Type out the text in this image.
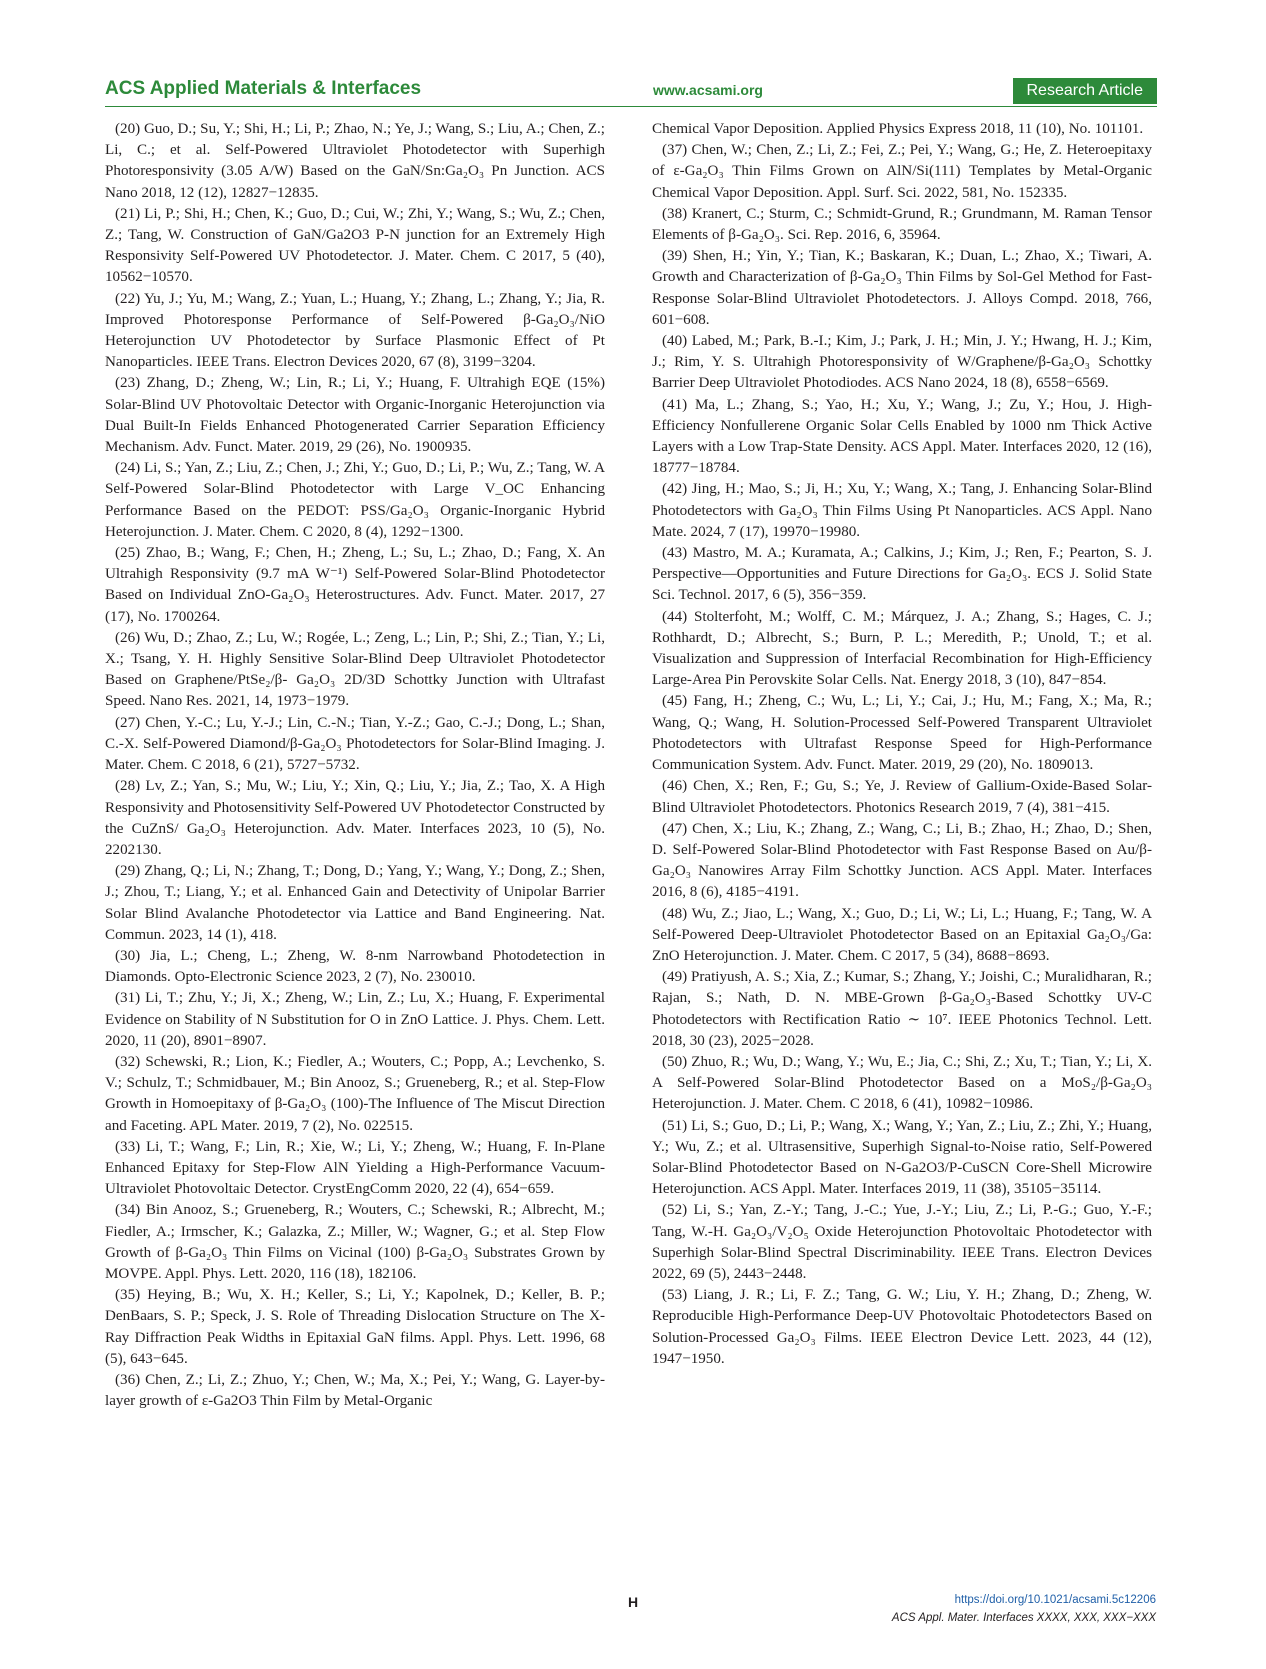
ACS Applied Materials & Interfaces	www.acsami.org	Research Article

(20) Guo, D.; Su, Y.; Shi, H.; Li, P.; Zhao, N.; Ye, J.; Wang, S.; Liu, A.; Chen, Z.; Li, C.; et al. Self-Powered Ultraviolet Photodetector with Superhigh Photoresponsivity (3.05 A/W) Based on the GaN/Sn:Ga₂O₃ Pn Junction. ACS Nano 2018, 12 (12), 12827−12835.

(21) Li, P.; Shi, H.; Chen, K.; Guo, D.; Cui, W.; Zhi, Y.; Wang, S.; Wu, Z.; Chen, Z.; Tang, W. Construction of GaN/Ga2O3 P-N junction for an Extremely High Responsivity Self-Powered UV Photodetector. J. Mater. Chem. C 2017, 5 (40), 10562−10570.

(22) Yu, J.; Yu, M.; Wang, Z.; Yuan, L.; Huang, Y.; Zhang, L.; Zhang, Y.; Jia, R. Improved Photoresponse Performance of Self-Powered β-Ga₂O₃/NiO Heterojunction UV Photodetector by Surface Plasmonic Effect of Pt Nanoparticles. IEEE Trans. Electron Devices 2020, 67 (8), 3199−3204.

(23) Zhang, D.; Zheng, W.; Lin, R.; Li, Y.; Huang, F. Ultrahigh EQE (15%) Solar-Blind UV Photovoltaic Detector with Organic-Inorganic Heterojunction via Dual Built-In Fields Enhanced Photogenerated Carrier Separation Efficiency Mechanism. Adv. Funct. Mater. 2019, 29 (26), No. 1900935.

(24) Li, S.; Yan, Z.; Liu, Z.; Chen, J.; Zhi, Y.; Guo, D.; Li, P.; Wu, Z.; Tang, W. A Self-Powered Solar-Blind Photodetector with Large V_OC Enhancing Performance Based on the PEDOT: PSS/Ga₂O₃ Organic-Inorganic Hybrid Heterojunction. J. Mater. Chem. C 2020, 8 (4), 1292−1300.

(25) Zhao, B.; Wang, F.; Chen, H.; Zheng, L.; Su, L.; Zhao, D.; Fang, X. An Ultrahigh Responsivity (9.7 mA W⁻¹) Self-Powered Solar-Blind Photodetector Based on Individual ZnO-Ga₂O₃ Heterostructures. Adv. Funct. Mater. 2017, 27 (17), No. 1700264.

(26) Wu, D.; Zhao, Z.; Lu, W.; Rogée, L.; Zeng, L.; Lin, P.; Shi, Z.; Tian, Y.; Li, X.; Tsang, Y. H. Highly Sensitive Solar-Blind Deep Ultraviolet Photodetector Based on Graphene/PtSe₂/β- Ga₂O₃ 2D/3D Schottky Junction with Ultrafast Speed. Nano Res. 2021, 14, 1973−1979.

(27) Chen, Y.-C.; Lu, Y.-J.; Lin, C.-N.; Tian, Y.-Z.; Gao, C.-J.; Dong, L.; Shan, C.-X. Self-Powered Diamond/β-Ga₂O₃ Photodetectors for Solar-Blind Imaging. J. Mater. Chem. C 2018, 6 (21), 5727−5732.

(28) Lv, Z.; Yan, S.; Mu, W.; Liu, Y.; Xin, Q.; Liu, Y.; Jia, Z.; Tao, X. A High Responsivity and Photosensitivity Self-Powered UV Photodetector Constructed by the CuZnS/ Ga₂O₃ Heterojunction. Adv. Mater. Interfaces 2023, 10 (5), No. 2202130.

(29) Zhang, Q.; Li, N.; Zhang, T.; Dong, D.; Yang, Y.; Wang, Y.; Dong, Z.; Shen, J.; Zhou, T.; Liang, Y.; et al. Enhanced Gain and Detectivity of Unipolar Barrier Solar Blind Avalanche Photodetector via Lattice and Band Engineering. Nat. Commun. 2023, 14 (1), 418.

(30) Jia, L.; Cheng, L.; Zheng, W. 8-nm Narrowband Photodetection in Diamonds. Opto-Electronic Science 2023, 2 (7), No. 230010.

(31) Li, T.; Zhu, Y.; Ji, X.; Zheng, W.; Lin, Z.; Lu, X.; Huang, F. Experimental Evidence on Stability of N Substitution for O in ZnO Lattice. J. Phys. Chem. Lett. 2020, 11 (20), 8901−8907.

(32) Schewski, R.; Lion, K.; Fiedler, A.; Wouters, C.; Popp, A.; Levchenko, S. V.; Schulz, T.; Schmidbauer, M.; Bin Anooz, S.; Grueneberg, R.; et al. Step-Flow Growth in Homoepitaxy of β-Ga₂O₃ (100)-The Influence of The Miscut Direction and Faceting. APL Mater. 2019, 7 (2), No. 022515.

(33) Li, T.; Wang, F.; Lin, R.; Xie, W.; Li, Y.; Zheng, W.; Huang, F. In-Plane Enhanced Epitaxy for Step-Flow AlN Yielding a High-Performance Vacuum-Ultraviolet Photovoltaic Detector. CrystEngComm 2020, 22 (4), 654−659.

(34) Bin Anooz, S.; Grueneberg, R.; Wouters, C.; Schewski, R.; Albrecht, M.; Fiedler, A.; Irmscher, K.; Galazka, Z.; Miller, W.; Wagner, G.; et al. Step Flow Growth of β-Ga₂O₃ Thin Films on Vicinal (100) β-Ga₂O₃ Substrates Grown by MOVPE. Appl. Phys. Lett. 2020, 116 (18), 182106.

(35) Heying, B.; Wu, X. H.; Keller, S.; Li, Y.; Kapolnek, D.; Keller, B. P.; DenBaars, S. P.; Speck, J. S. Role of Threading Dislocation Structure on The X-Ray Diffraction Peak Widths in Epitaxial GaN films. Appl. Phys. Lett. 1996, 68 (5), 643−645.

(36) Chen, Z.; Li, Z.; Zhuo, Y.; Chen, W.; Ma, X.; Pei, Y.; Wang, G. Layer-by-layer growth of ε-Ga2O3 Thin Film by Metal-Organic

Chemical Vapor Deposition. Applied Physics Express 2018, 11 (10), No. 101101.

(37) Chen, W.; Chen, Z.; Li, Z.; Fei, Z.; Pei, Y.; Wang, G.; He, Z. Heteroepitaxy of ε-Ga₂O₃ Thin Films Grown on AlN/Si(111) Templates by Metal-Organic Chemical Vapor Deposition. Appl. Surf. Sci. 2022, 581, No. 152335.

(38) Kranert, C.; Sturm, C.; Schmidt-Grund, R.; Grundmann, M. Raman Tensor Elements of β-Ga₂O₃. Sci. Rep. 2016, 6, 35964.

(39) Shen, H.; Yin, Y.; Tian, K.; Baskaran, K.; Duan, L.; Zhao, X.; Tiwari, A. Growth and Characterization of β-Ga₂O₃ Thin Films by Sol-Gel Method for Fast-Response Solar-Blind Ultraviolet Photodetectors. J. Alloys Compd. 2018, 766, 601−608.

(40) Labed, M.; Park, B.-I.; Kim, J.; Park, J. H.; Min, J. Y.; Hwang, H. J.; Kim, J.; Rim, Y. S. Ultrahigh Photoresponsivity of W/Graphene/β-Ga₂O₃ Schottky Barrier Deep Ultraviolet Photodiodes. ACS Nano 2024, 18 (8), 6558−6569.

(41) Ma, L.; Zhang, S.; Yao, H.; Xu, Y.; Wang, J.; Zu, Y.; Hou, J. High-Efficiency Nonfullerene Organic Solar Cells Enabled by 1000 nm Thick Active Layers with a Low Trap-State Density. ACS Appl. Mater. Interfaces 2020, 12 (16), 18777−18784.

(42) Jing, H.; Mao, S.; Ji, H.; Xu, Y.; Wang, X.; Tang, J. Enhancing Solar-Blind Photodetectors with Ga₂O₃ Thin Films Using Pt Nanoparticles. ACS Appl. Nano Mate. 2024, 7 (17), 19970−19980.

(43) Mastro, M. A.; Kuramata, A.; Calkins, J.; Kim, J.; Ren, F.; Pearton, S. J. Perspective—Opportunities and Future Directions for Ga₂O₃. ECS J. Solid State Sci. Technol. 2017, 6 (5), 356−359.

(44) Stolterfoht, M.; Wolff, C. M.; Márquez, J. A.; Zhang, S.; Hages, C. J.; Rothhardt, D.; Albrecht, S.; Burn, P. L.; Meredith, P.; Unold, T.; et al. Visualization and Suppression of Interfacial Recombination for High-Efficiency Large-Area Pin Perovskite Solar Cells. Nat. Energy 2018, 3 (10), 847−854.

(45) Fang, H.; Zheng, C.; Wu, L.; Li, Y.; Cai, J.; Hu, M.; Fang, X.; Ma, R.; Wang, Q.; Wang, H. Solution-Processed Self-Powered Transparent Ultraviolet Photodetectors with Ultrafast Response Speed for High-Performance Communication System. Adv. Funct. Mater. 2019, 29 (20), No. 1809013.

(46) Chen, X.; Ren, F.; Gu, S.; Ye, J. Review of Gallium-Oxide-Based Solar-Blind Ultraviolet Photodetectors. Photonics Research 2019, 7 (4), 381−415.

(47) Chen, X.; Liu, K.; Zhang, Z.; Wang, C.; Li, B.; Zhao, H.; Zhao, D.; Shen, D. Self-Powered Solar-Blind Photodetector with Fast Response Based on Au/β-Ga₂O₃ Nanowires Array Film Schottky Junction. ACS Appl. Mater. Interfaces 2016, 8 (6), 4185−4191.

(48) Wu, Z.; Jiao, L.; Wang, X.; Guo, D.; Li, W.; Li, L.; Huang, F.; Tang, W. A Self-Powered Deep-Ultraviolet Photodetector Based on an Epitaxial Ga₂O₃/Ga: ZnO Heterojunction. J. Mater. Chem. C 2017, 5 (34), 8688−8693.

(49) Pratiyush, A. S.; Xia, Z.; Kumar, S.; Zhang, Y.; Joishi, C.; Muralidharan, R.; Rajan, S.; Nath, D. N. MBE-Grown β-Ga₂O₃-Based Schottky UV-C Photodetectors with Rectification Ratio ∼ 10⁷. IEEE Photonics Technol. Lett. 2018, 30 (23), 2025−2028.

(50) Zhuo, R.; Wu, D.; Wang, Y.; Wu, E.; Jia, C.; Shi, Z.; Xu, T.; Tian, Y.; Li, X. A Self-Powered Solar-Blind Photodetector Based on a MoS₂/β-Ga₂O₃ Heterojunction. J. Mater. Chem. C 2018, 6 (41), 10982−10986.

(51) Li, S.; Guo, D.; Li, P.; Wang, X.; Wang, Y.; Yan, Z.; Liu, Z.; Zhi, Y.; Huang, Y.; Wu, Z.; et al. Ultrasensitive, Superhigh Signal-to-Noise ratio, Self-Powered Solar-Blind Photodetector Based on N-Ga2O3/P-CuSCN Core-Shell Microwire Heterojunction. ACS Appl. Mater. Interfaces 2019, 11 (38), 35105−35114.

(52) Li, S.; Yan, Z.-Y.; Tang, J.-C.; Yue, J.-Y.; Liu, Z.; Li, P.-G.; Guo, Y.-F.; Tang, W.-H. Ga₂O₃/V₂O₅ Oxide Heterojunction Photovoltaic Photodetector with Superhigh Solar-Blind Spectral Discriminability. IEEE Trans. Electron Devices 2022, 69 (5), 2443−2448.

(53) Liang, J. R.; Li, F. Z.; Tang, G. W.; Liu, Y. H.; Zhang, D.; Zheng, W. Reproducible High-Performance Deep-UV Photovoltaic Photodetectors Based on Solution-Processed Ga₂O₃ Films. IEEE Electron Device Lett. 2023, 44 (12), 1947−1950.

H	https://doi.org/10.1021/acsami.5c12206
ACS Appl. Mater. Interfaces XXXX, XXX, XXX−XXX
